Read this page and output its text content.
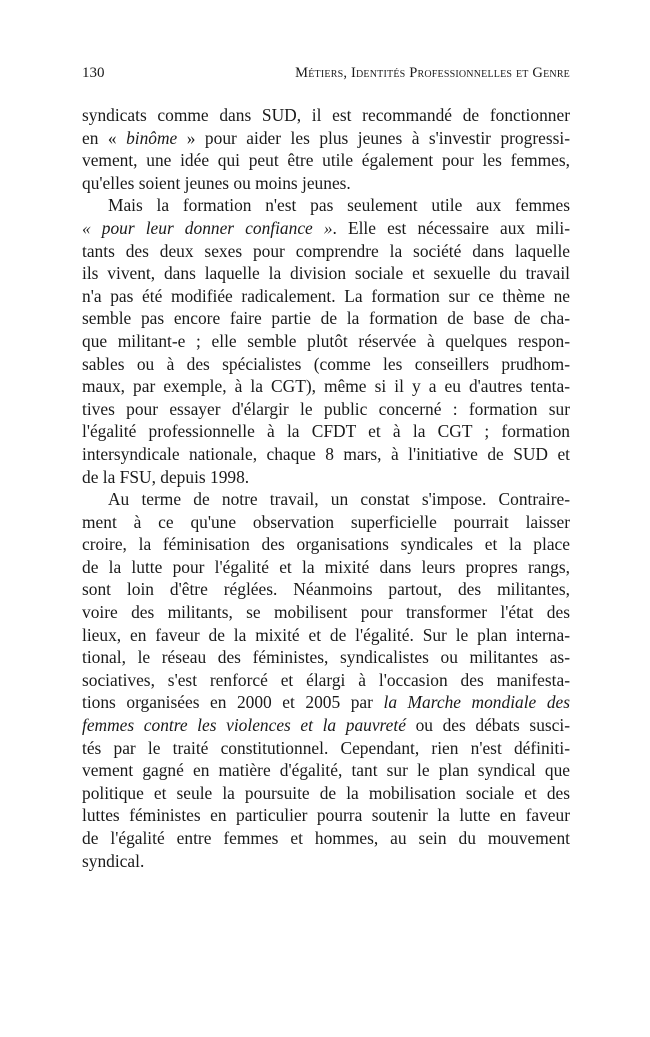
130	Métiers, Identités Professionnelles et Genre
syndicats comme dans SUD, il est recommandé de fonctionner
en « binôme » pour aider les plus jeunes à s'investir progressi-
vement, une idée qui peut être utile également pour les femmes,
qu'elles soient jeunes ou moins jeunes.
Mais la formation n'est pas seulement utile aux femmes
« pour leur donner confiance ». Elle est nécessaire aux mili-
tants des deux sexes pour comprendre la société dans laquelle
ils vivent, dans laquelle la division sociale et sexuelle du travail
n'a pas été modifiée radicalement. La formation sur ce thème ne
semble pas encore faire partie de la formation de base de cha-
que militant-e ; elle semble plutôt réservée à quelques respon-
sables ou à des spécialistes (comme les conseillers prudhom-
maux, par exemple, à la CGT), même si il y a eu d'autres tenta-
tives pour essayer d'élargir le public concerné : formation sur
l'égalité professionnelle à la CFDT et à la CGT ; formation
intersyndicale nationale, chaque 8 mars, à l'initiative de SUD et
de la FSU, depuis 1998.
Au terme de notre travail, un constat s'impose. Contraire-
ment à ce qu'une observation superficielle pourrait laisser
croire, la féminisation des organisations syndicales et la place
de la lutte pour l'égalité et la mixité dans leurs propres rangs,
sont loin d'être réglées. Néanmoins partout, des militantes,
voire des militants, se mobilisent pour transformer l'état des
lieux, en faveur de la mixité et de l'égalité. Sur le plan interna-
tional, le réseau des féministes, syndicalistes ou militantes as-
sociatives, s'est renforcé et élargi à l'occasion des manifesta-
tions organisées en 2000 et 2005 par la Marche mondiale des
femmes contre les violences et la pauvreté ou des débats susci-
tés par le traité constitutionnel. Cependant, rien n'est définiti-
vement gagné en matière d'égalité, tant sur le plan syndical que
politique et seule la poursuite de la mobilisation sociale et des
luttes féministes en particulier pourra soutenir la lutte en faveur
de l'égalité entre femmes et hommes, au sein du mouvement
syndical.
